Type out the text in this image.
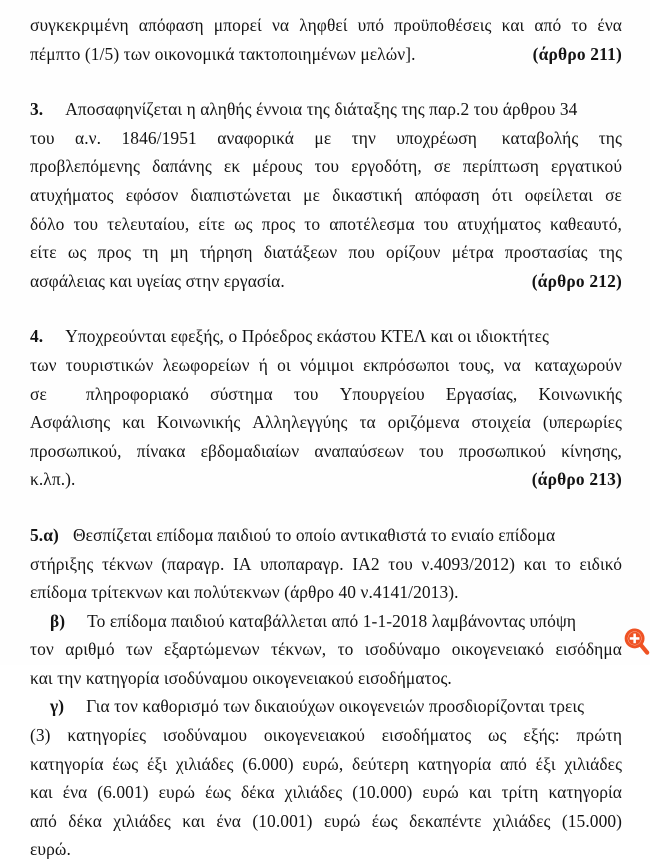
συγκεκριμένη
απόφαση
μπορεί
να
ληφθεί
υπό
προϋποθέσεις
και
από
το
ένα
πέμπτο (1/5) των οικονομικά τακτοποιημένων μελών].	(άρθρο 211)
3. Αποσαφηνίζεται η αληθής έννοια της διάταξης της παρ.2 του άρθρου 34
του
α.ν.
1846/1951
αναφορικά
με
την
υποχρέωση
καταβολής
της
προβλεπόμενης
δαπάνης
εκ
μέρους
του
εργοδότη,
σε
περίπτωση
εργατικού
ατυχήματος
εφόσον
διαπιστώνεται
με
δικαστική
απόφαση
ότι
οφείλεται
σε
δόλο
του
τελευταίου,
είτε
ως
προς
το
αποτέλεσμα
του
ατυχήματος
καθεαυτό,
είτε
ως
προς
τη
μη
τήρηση
διατάξεων
που
ορίζουν
μέτρα
προστασίας
της
ασφάλειας και υγείας στην εργασία.	(άρθρο 212)
4. Υποχρεούνται εφεξής, ο Πρόεδρος εκάστου ΚΤΕΛ και οι ιδιοκτήτες
των
τουριστικών
λεωφορείων
ή
οι
νόμιμοι
εκπρόσωποι
τους,
να
καταχωρούν
σε
πληροφοριακό
σύστημα
του
Υπουργείου
Εργασίας,
Κοινωνικής
Ασφάλισης
και
Κοινωνικής
Αλληλεγγύης
τα
οριζόμενα
στοιχεία
(υπερωρίες
προσωπικού,
πίνακα
εβδομαδιαίων
αναπαύσεων
του
προσωπικού
κίνησης,
κ.λπ.).	(άρθρο 213)
5.α) Θεσπίζεται επίδομα παιδιού το οποίο αντικαθιστά το ενιαίο επίδομα
στήριξης
τέκνων
(παραγρ.
ΙΑ
υποπαραγρ.
ΙΑ2
του
ν.4093/2012)
και
το
ειδικό
επίδομα τρίτεκνων και πολύτεκνων (άρθρο 40 ν.4141/2013).
β) Το επίδομα παιδιού καταβάλλεται από 1-1-2018 λαμβάνοντας υπόψη
τον
αριθμό
των
εξαρτώμενων
τέκνων,
το
ισοδύναμο
οικογενειακό
εισόδημα
και την κατηγορία ισοδύναμου οικογενειακού εισοδήματος.
γ) Για τον καθορισμό των δικαιούχων οικογενειών προσδιορίζονται τρεις
(3)
κατηγορίες
ισοδύναμου
οικογενειακού
εισοδήματος
ως
εξής:
πρώτη
κατηγορία
έως
έξι
χιλιάδες
(6.000)
ευρώ,
δεύτερη
κατηγορία
από
έξι
χιλιάδες
και
ένα
(6.001)
ευρώ
έως
δέκα
χιλιάδες
(10.000)
ευρώ
και
τρίτη
κατηγορία
από
δέκα
χιλιάδες
και
ένα
(10.001)
ευρώ
έως
δεκαπέντε
χιλιάδες
(15.000)
ευρώ.
